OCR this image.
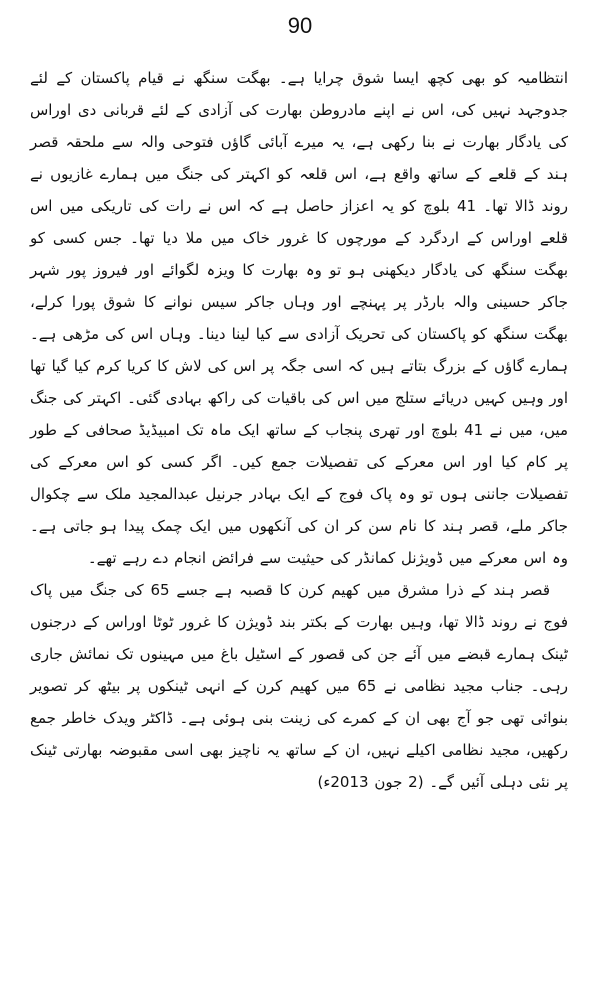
90

انتظامیہ کو بھی کچھ ایسا شوق چرایا ہے۔ بھگت سنگھ نے قیام پاکستان کے لئے جدوجہد نہیں کی، اس نے اپنے مادروطن بھارت کی آزادی کے لئے قربانی دی اوراس کی یادگار بھارت نے بنا رکھی ہے، یہ میرے آبائی گاؤں فتوحی والہ سے ملحقہ قصر ہند کے قلعے کے ساتھ واقع ہے، اس قلعہ کو اکہتر کی جنگ میں ہمارے غازیوں نے روند ڈالا تھا۔ 41 بلوچ کو یہ اعزاز حاصل ہے کہ اس نے رات کی تاریکی میں اس قلعے اوراس کے اردگرد کے مورچوں کا غرور خاک میں ملا دیا تھا۔ جس کسی کو بھگت سنگھ کی یادگار دیکھنی ہو تو وہ بھارت کا ویزہ لگوائے اور فیروز پور شہر جاکر حسینی والہ بارڈر پر پہنچے اور وہاں جاکر سیس نوانے کا شوق پورا کرلے، بھگت سنگھ کو پاکستان کی تحریک آزادی سے کیا لینا دینا۔ وہاں اس کی مڑھی ہے۔ ہمارے گاؤں کے بزرگ بتاتے ہیں کہ اسی جگہ پر اس کی لاش کا کریا کرم کیا گیا تھا اور وہیں کہیں دریائے ستلج میں اس کی باقیات کی راکھ بہادی گئی۔ اکہتر کی جنگ میں، میں نے 41 بلوچ اور تھری پنجاب کے ساتھ ایک ماہ تک امبیڈیڈ صحافی کے طور پر کام کیا اور اس معرکے کی تفصیلات جمع کیں۔ اگر کسی کو اس معرکے کی تفصیلات جاننی ہوں تو وہ پاک فوج کے ایک بہادر جرنیل عبدالمجید ملک سے چکوال جاکر ملے، قصر ہند کا نام سن کر ان کی آنکھوں میں ایک چمک پیدا ہو جاتی ہے۔ وہ اس معرکے میں ڈویژنل کمانڈر کی حیثیت سے فرائض انجام دے رہے تھے۔

قصر ہند کے ذرا مشرق میں کھیم کرن کا قصبہ ہے جسے 65 کی جنگ میں پاک فوج نے روند ڈالا تھا، وہیں بھارت کے بکتر بند ڈویژن کا غرور ٹوٹا اوراس کے درجنوں ٹینک ہمارے قبضے میں آئے جن کی قصور کے اسٹیل باغ میں مہینوں تک نمائش جاری رہی۔ جناب مجید نظامی نے 65 میں کھیم کرن کے انہی ٹینکوں پر بیٹھ کر تصویر بنوائی تھی جو آج بھی ان کے کمرے کی زینت بنی ہوئی ہے۔ ڈاکٹر ویدک خاطر جمع رکھیں، مجید نظامی اکیلے نہیں، ان کے ساتھ یہ ناچیز بھی اسی مقبوضہ بھارتی ٹینک پر نئی دہلی آئیں گے۔ (2 جون 2013ء)
